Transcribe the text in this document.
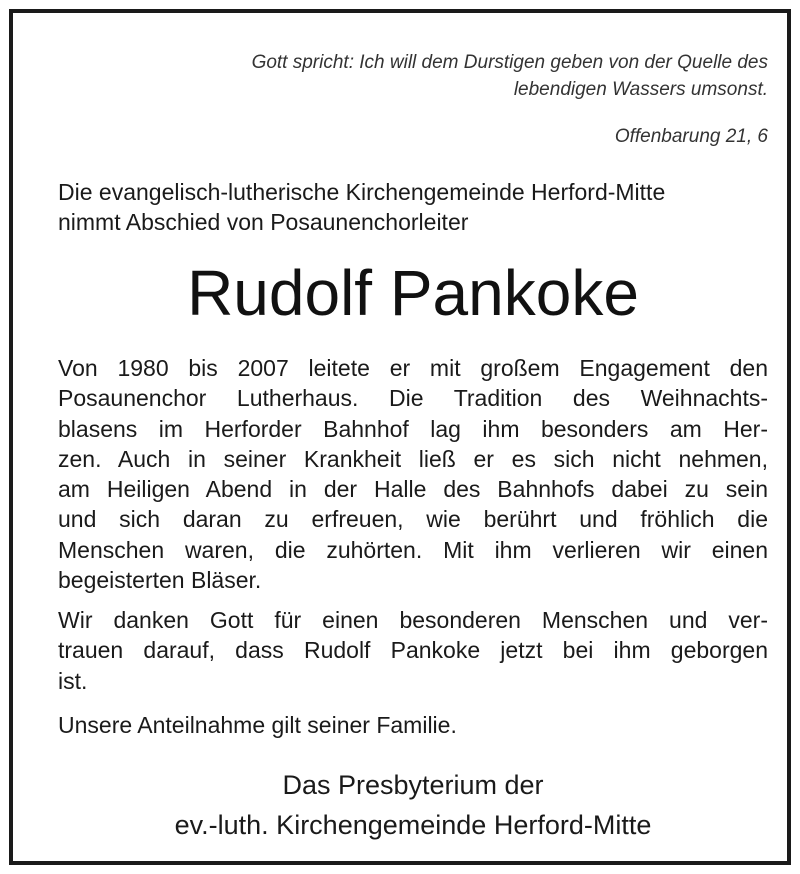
Gott spricht: Ich will dem Durstigen geben von der Quelle des
lebendigen Wassers umsonst.
Offenbarung 21, 6
Die evangelisch-lutherische Kirchengemeinde Herford-Mitte
nimmt Abschied von Posaunenchorleiter
Rudolf Pankoke
Von 1980 bis 2007 leitete er mit großem Engagement den
Posaunenchor Lutherhaus. Die Tradition des Weihnachts-
blasens im Herforder Bahnhof lag ihm besonders am Her-
zen. Auch in seiner Krankheit ließ er es sich nicht nehmen,
am Heiligen Abend in der Halle des Bahnhofs dabei zu sein
und sich daran zu erfreuen, wie berührt und fröhlich die
Menschen waren, die zuhörten. Mit ihm verlieren wir einen
begeisterten Bläser.
Wir danken Gott für einen besonderen Menschen und ver-
trauen darauf, dass Rudolf Pankoke jetzt bei ihm geborgen
ist.
Unsere Anteilnahme gilt seiner Familie.
Das Presbyterium der
ev.-luth. Kirchengemeinde Herford-Mitte
